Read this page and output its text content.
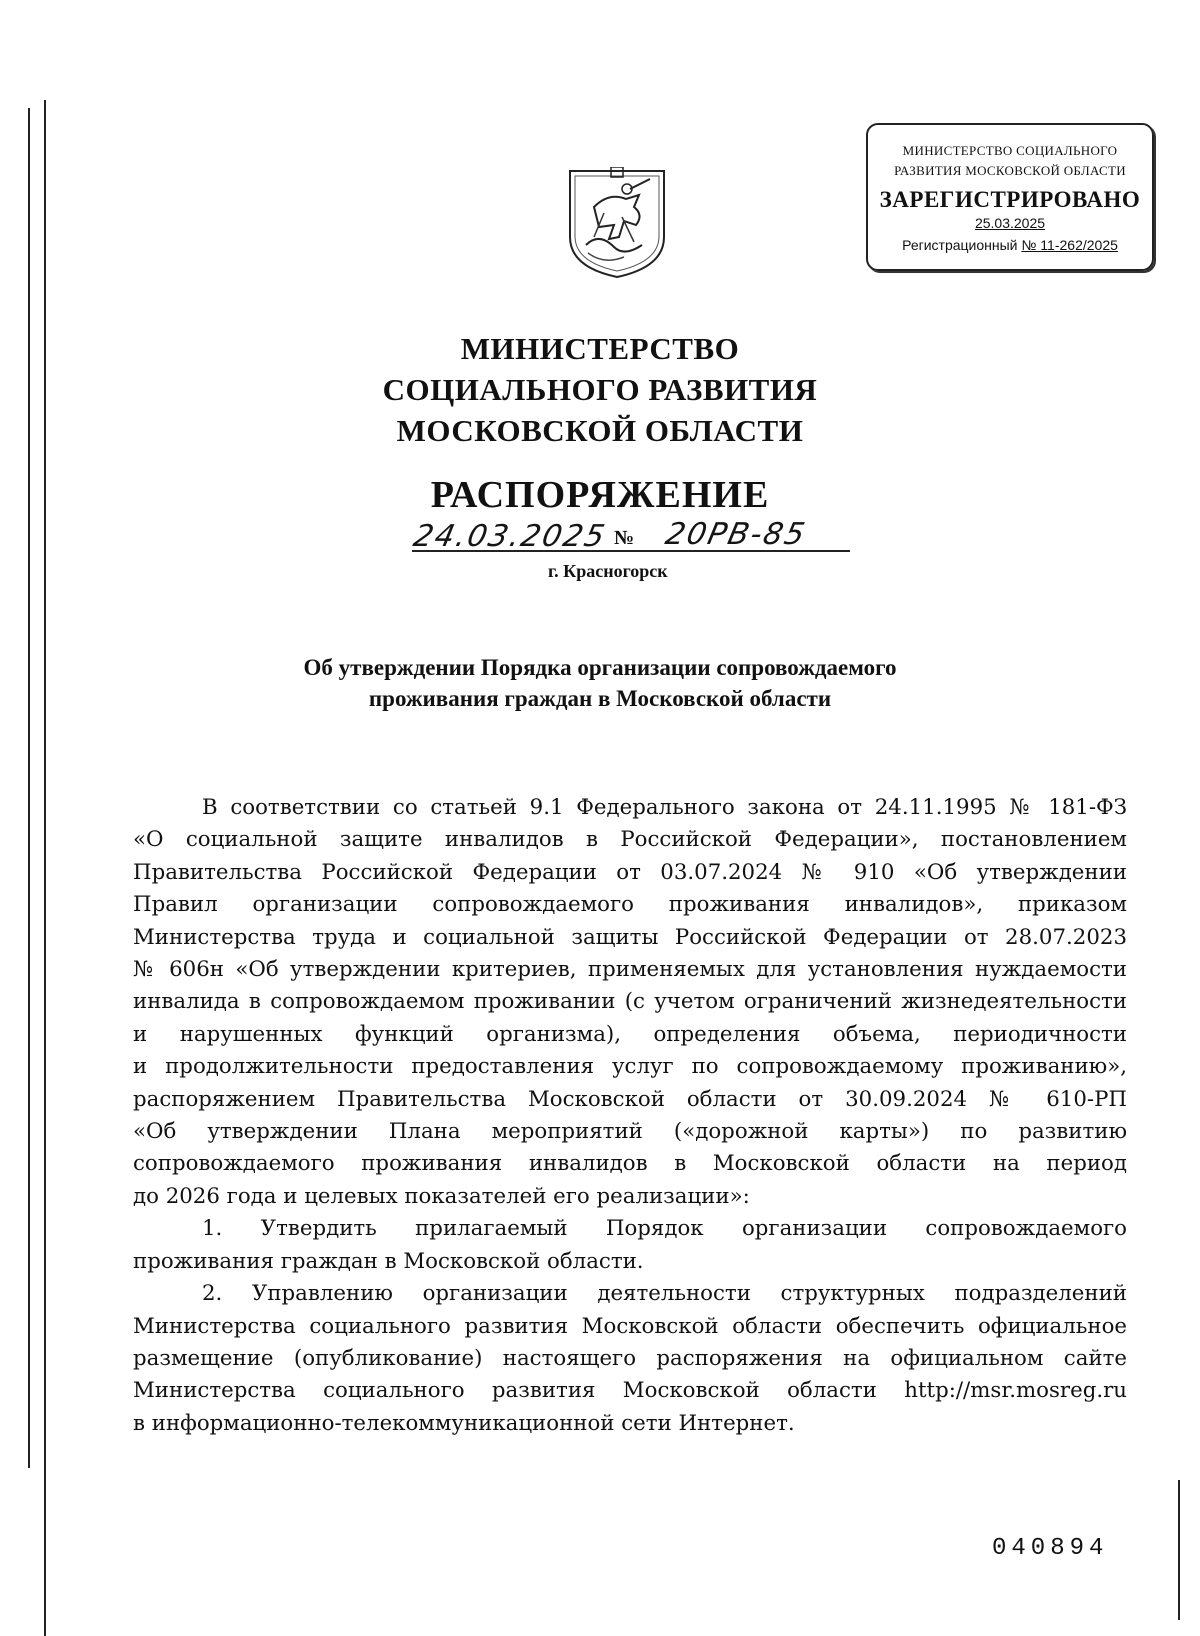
МИНИСТЕРСТВО СОЦИАЛЬНОГО
РАЗВИТИЯ МОСКОВСКОЙ ОБЛАСТИ
ЗАРЕГИСТРИРОВАНО
25.03.2025
Регистрационный № 11-262/2025
МИНИСТЕРСТВО
СОЦИАЛЬНОГО РАЗВИТИЯ
МОСКОВСКОЙ ОБЛАСТИ
РАСПОРЯЖЕНИЕ
24.03.2025 № 20РВ-85
г. Красногорск
Об утверждении Порядка организации сопровождаемого
проживания граждан в Московской области
В соответствии со статьей 9.1 Федерального закона от 24.11.1995 № 181-ФЗ
«О социальной защите инвалидов в Российской Федерации», постановлением
Правительства Российской Федерации от 03.07.2024 № 910 «Об утверждении
Правил организации сопровождаемого проживания инвалидов», приказом
Министерства труда и социальной защиты Российской Федерации от 28.07.2023
№ 606н «Об утверждении критериев, применяемых для установления нуждаемости
инвалида в сопровождаемом проживании (с учетом ограничений жизнедеятельности
и нарушенных функций организма), определения объема, периодичности
и продолжительности предоставления услуг по сопровождаемому проживанию»,
распоряжением Правительства Московской области от 30.09.2024 № 610-РП
«Об утверждении Плана мероприятий («дорожной карты») по развитию
сопровождаемого проживания инвалидов в Московской области на период
до 2026 года и целевых показателей его реализации»:
1. Утвердить прилагаемый Порядок организации сопровождаемого
проживания граждан в Московской области.
2. Управлению организации деятельности структурных подразделений
Министерства социального развития Московской области обеспечить официальное
размещение (опубликование) настоящего распоряжения на официальном сайте
Министерства социального развития Московской области http://msr.mosreg.ru
в информационно-телекоммуникационной сети Интернет.
040894
